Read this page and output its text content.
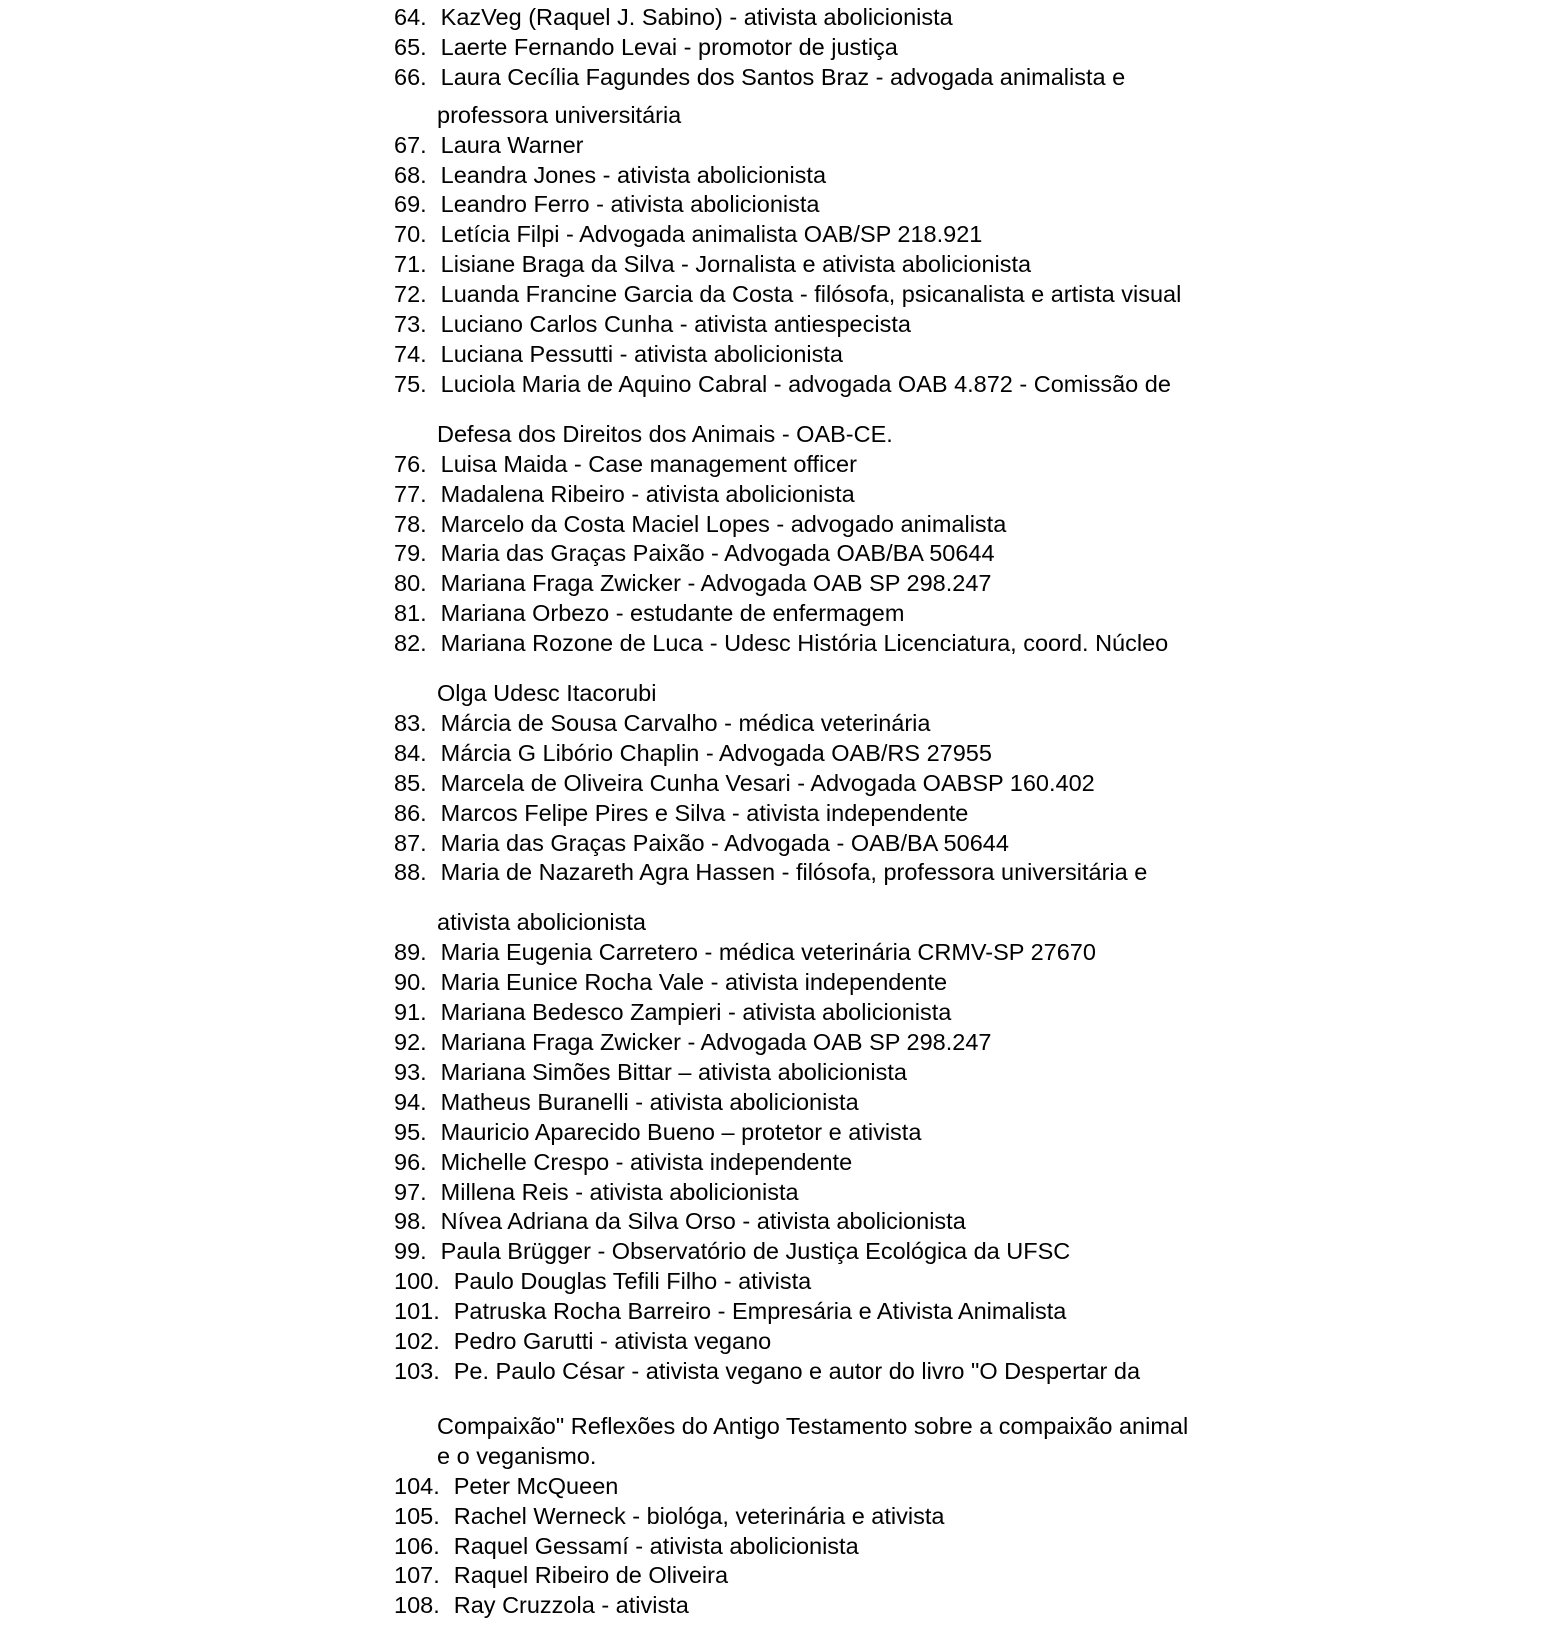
64. KazVeg (Raquel J. Sabino) - ativista abolicionista
65. Laerte Fernando Levai - promotor de justiça
66. Laura Cecília Fagundes dos Santos Braz - advogada animalista e
professora universitária
67. Laura Warner
68. Leandra Jones - ativista abolicionista
69. Leandro Ferro - ativista abolicionista
70. Letícia Filpi - Advogada animalista OAB/SP 218.921
71. Lisiane Braga da Silva - Jornalista e ativista abolicionista
72. Luanda Francine Garcia da Costa - filósofa, psicanalista e artista visual
73. Luciano Carlos Cunha - ativista antiespecista
74. Luciana Pessutti - ativista abolicionista
75. Luciola Maria de Aquino Cabral - advogada OAB 4.872 - Comissão de
Defesa dos Direitos dos Animais - OAB-CE.
76. Luisa Maida - Case management officer
77. Madalena Ribeiro - ativista abolicionista
78. Marcelo da Costa Maciel Lopes - advogado animalista
79. Maria das Graças Paixão - Advogada OAB/BA 50644
80. Mariana Fraga Zwicker - Advogada OAB SP 298.247
81. Mariana Orbezo - estudante de enfermagem
82. Mariana Rozone de Luca - Udesc História Licenciatura, coord. Núcleo
Olga Udesc Itacorubi
83. Márcia de Sousa Carvalho - médica veterinária
84. Márcia G Libório Chaplin - Advogada OAB/RS 27955
85. Marcela de Oliveira Cunha Vesari - Advogada OABSP 160.402
86. Marcos Felipe Pires e Silva - ativista independente
87. Maria das Graças Paixão - Advogada - OAB/BA 50644
88. Maria de Nazareth Agra Hassen - filósofa, professora universitária e
ativista abolicionista
89. Maria Eugenia Carretero - médica veterinária CRMV-SP 27670
90. Maria Eunice Rocha Vale - ativista independente
91. Mariana Bedesco Zampieri - ativista abolicionista
92. Mariana Fraga Zwicker - Advogada OAB SP 298.247
93. Mariana Simões Bittar – ativista abolicionista
94. Matheus Buranelli - ativista abolicionista
95. Mauricio Aparecido Bueno – protetor e ativista
96. Michelle Crespo - ativista independente
97. Millena Reis - ativista abolicionista
98. Nívea Adriana da Silva Orso - ativista abolicionista
99. Paula Brügger - Observatório de Justiça Ecológica da UFSC
100. Paulo Douglas Tefili Filho - ativista
101. Patruska Rocha Barreiro - Empresária e Ativista Animalista
102. Pedro Garutti - ativista vegano
103. Pe. Paulo César - ativista vegano e autor do livro "O Despertar da
Compaixão" Reflexões do Antigo Testamento sobre a compaixão animal
e o veganismo.
104. Peter McQueen
105. Rachel Werneck - biológa, veterinária e ativista
106. Raquel Gessamí - ativista abolicionista
107. Raquel Ribeiro de Oliveira
108. Ray Cruzzola - ativista
